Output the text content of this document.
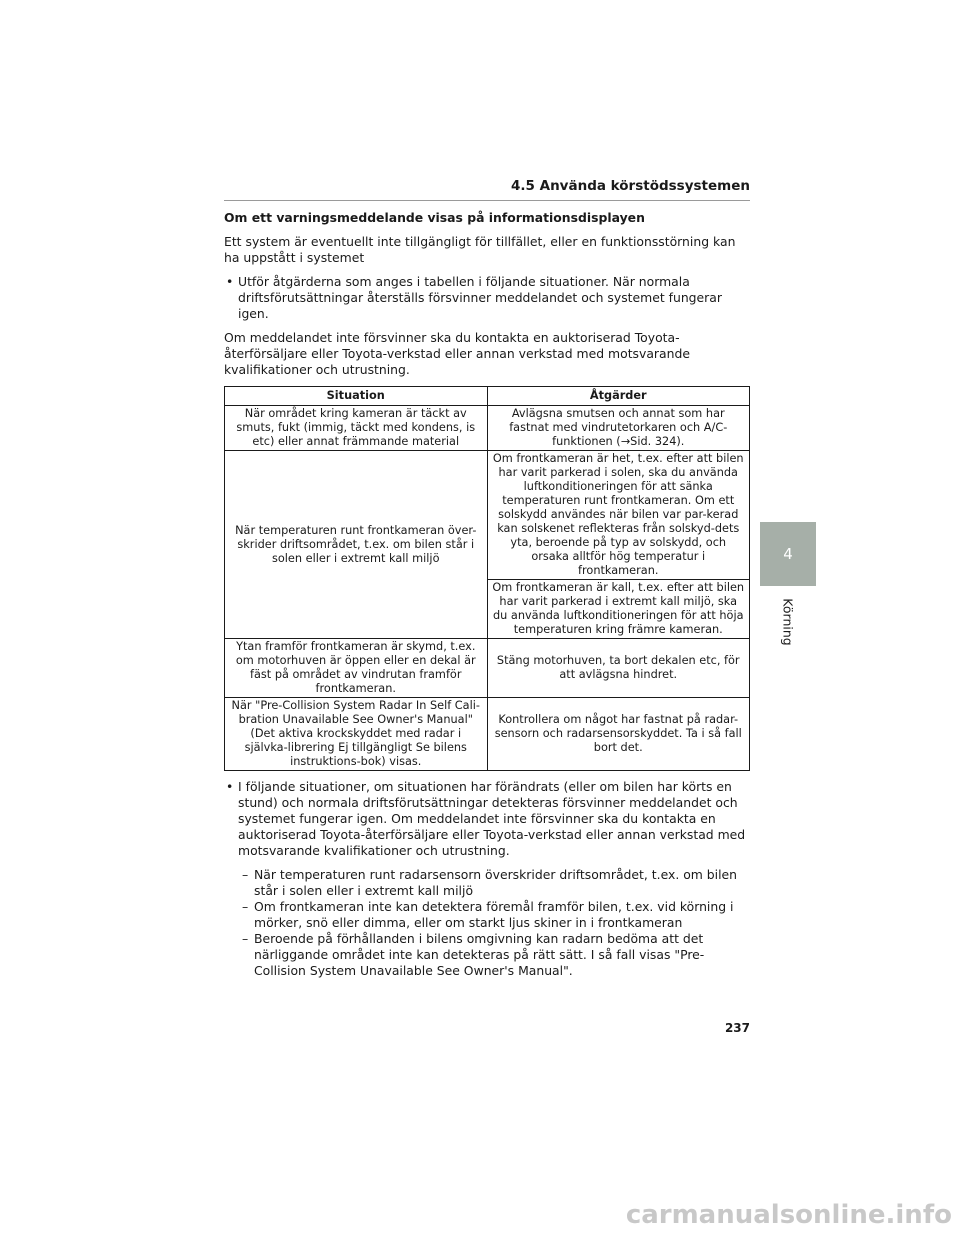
4.5 Använda körstödssystemen

Om ett varningsmeddelande visas på informationsdisplayen

Ett system är eventuellt inte tillgängligt för tillfället, eller en funktionsstörning kan ha uppstått i systemet

• Utför åtgärderna som anges i tabellen i följande situationer. När normala driftsförutsättningar återställs försvinner meddelandet och systemet fungerar igen.

Om meddelandet inte försvinner ska du kontakta en auktoriserad Toyota-återförsäljare eller Toyota-verkstad eller annan verkstad med motsvarande kvalifikationer och utrustning.

Situation	Åtgärder
När området kring kameran är täckt av smuts, fukt (immig, täckt med kondens, is etc) eller annat främmande material	Avlägsna smutsen och annat som har fastnat med vindrutetorkaren och A/C-funktionen (→Sid. 324).
När temperaturen runt frontkameran över-skrider driftsområdet, t.ex. om bilen står i solen eller i extremt kall miljö	Om frontkameran är het, t.ex. efter att bilen har varit parkerad i solen, ska du använda luftkonditioneringen för att sänka temperaturen runt frontkameran. Om ett solskydd användes när bilen var par-kerad kan solskenet reflekteras från solskyd-dets yta, beroende på typ av solskydd, och orsaka alltför hög temperatur i frontkameran.
	Om frontkameran är kall, t.ex. efter att bilen har varit parkerad i extremt kall miljö, ska du använda luftkonditioneringen för att höja temperaturen kring främre kameran.
Ytan framför frontkameran är skymd, t.ex. om motorhuven är öppen eller en dekal är fäst på området av vindrutan framför frontkameran.	Stäng motorhuven, ta bort dekalen etc, för att avlägsna hindret.
När "Pre-Collision System Radar In Self Cali-bration Unavailable See Owner's Manual" (Det aktiva krockskyddet med radar i självka-librering Ej tillgängligt Se bilens instruktions-bok) visas.	Kontrollera om något har fastnat på radar-sensorn och radarsensorskyddet. Ta i så fall bort det.
• I följande situationer, om situationen har förändrats (eller om bilen har körts en stund) och normala driftsförutsättningar detekteras försvinner meddelandet och systemet fungerar igen. Om meddelandet inte försvinner ska du kontakta en auktoriserad Toyota-återförsäljare eller Toyota-verkstad eller annan verkstad med motsvarande kvalifikationer och utrustning.
– När temperaturen runt radarsensorn överskrider driftsområdet, t.ex. om bilen står i solen eller i extremt kall miljö
– Om frontkameran inte kan detektera föremål framför bilen, t.ex. vid körning i mörker, snö eller dimma, eller om starkt ljus skiner in i frontkameran
– Beroende på förhållanden i bilens omgivning kan radarn bedöma att det närliggande området inte kan detekteras på rätt sätt. I så fall visas "Pre-Collision System Unavailable See Owner's Manual".
4
Körning
237
carmanualsonline.info
